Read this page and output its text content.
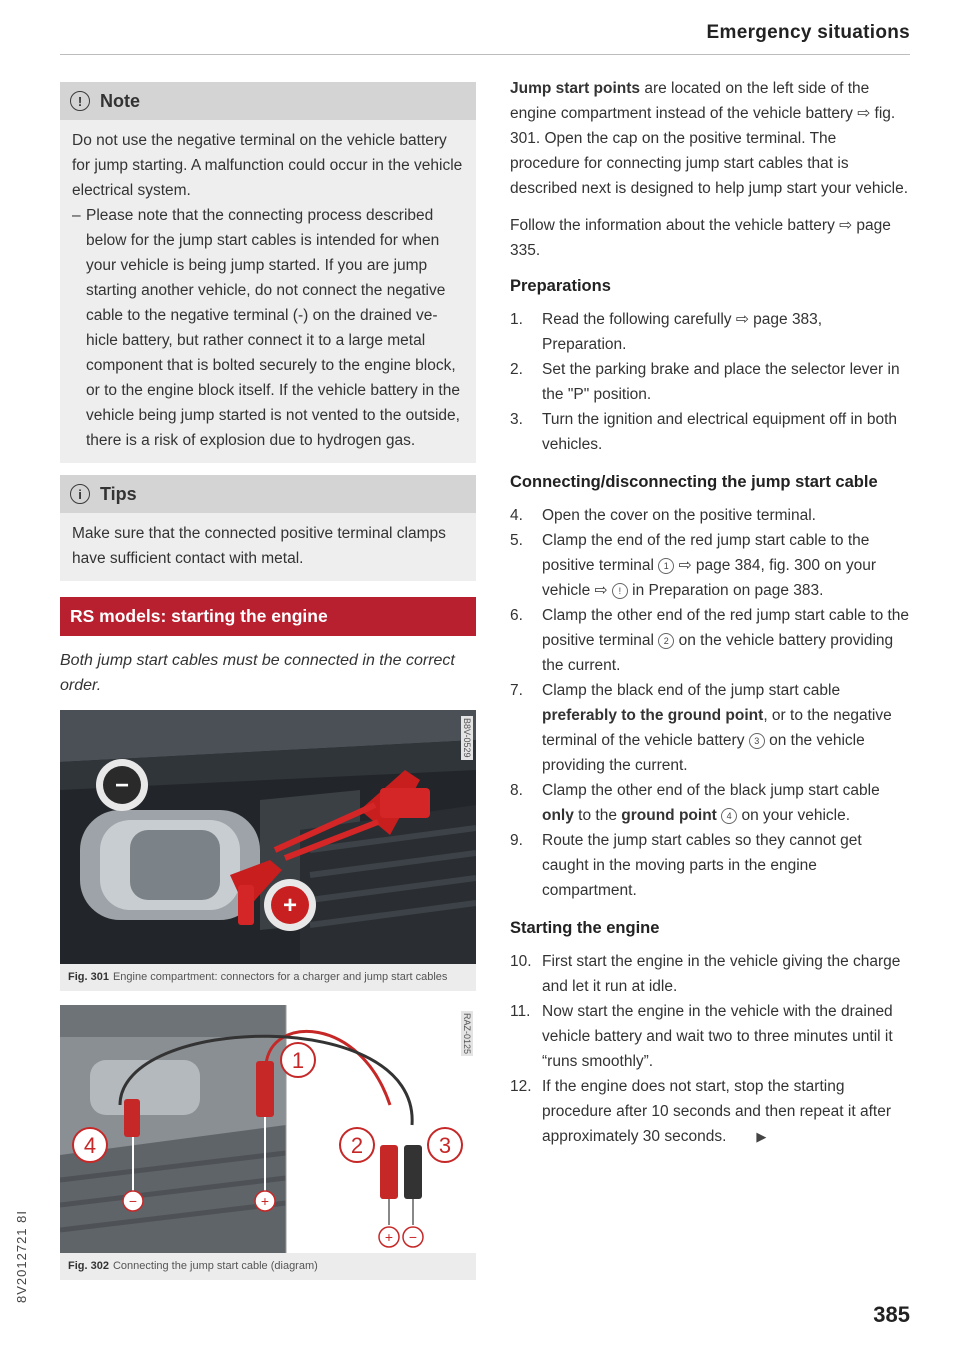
Emergency situations
! Note
Do not use the negative terminal on the vehicle battery for jump starting. A malfunction could occur in the vehicle electrical system.
– Please note that the connecting process described below for the jump start cables is intended for when your vehicle is being jump started. If you are jump starting another vehicle, do not connect the negative cable to the negative terminal (-) on the drained vehicle battery, but rather connect it to a large metal component that is bolted securely to the engine block, or to the engine block itself. If the vehicle battery in the vehicle being jump started is not vented to the outside, there is a risk of explosion due to hydrogen gas.
i	Tips
Make sure that the connected positive terminal clamps have sufficient contact with metal.
RS models: starting the engine
Both jump start cables must be connected in the correct order.
−
+
B8V-0529
Fig. 301 Engine compartment: connectors for a charger and jump start cables
1
2	3
4
−	+
+ −
RAZ-0125
Fig. 302 Connecting the jump start cable (diagram)
Jump start points are located on the left side of the engine compartment instead of the vehicle battery ⇨ fig. 301. Open the cap on the positive terminal. The procedure for connecting jump start cables that is described next is designed to help jump start your vehicle.
Follow the information about the vehicle battery ⇨ page 335.
Preparations
1.	Read the following carefully ⇨ page 383, Preparation.
2.	Set the parking brake and place the selector lever in the "P" position.
3.	Turn the ignition and electrical equipment off in both vehicles.
Connecting/disconnecting the jump start cable
4.	Open the cover on the positive terminal.
5.	Clamp the end of the red jump start cable to the positive terminal 1 ⇨ page 384, fig. 300 on your vehicle ⇨ ! in Preparation on page 383.
6.	Clamp the other end of the red jump start cable to the positive terminal 2 on the vehicle battery providing the current.
7.	Clamp the black end of the jump start cable preferably to the ground point, or to the negative terminal of the vehicle battery 3 on the vehicle providing the current.
8.	Clamp the other end of the black jump start cable only to the ground point 4 on your vehicle.
9.	Route the jump start cables so they cannot get caught in the moving parts in the engine compartment.
Starting the engine
10. First start the engine in the vehicle giving the charge and let it run at idle.
11. Now start the engine in the vehicle with the drained vehicle battery and wait two to three minutes until it “runs smoothly”.
12. If the engine does not start, stop the starting procedure after 10 seconds and then repeat it after approximately 30 seconds. ▶
385
8V2012721 8I
